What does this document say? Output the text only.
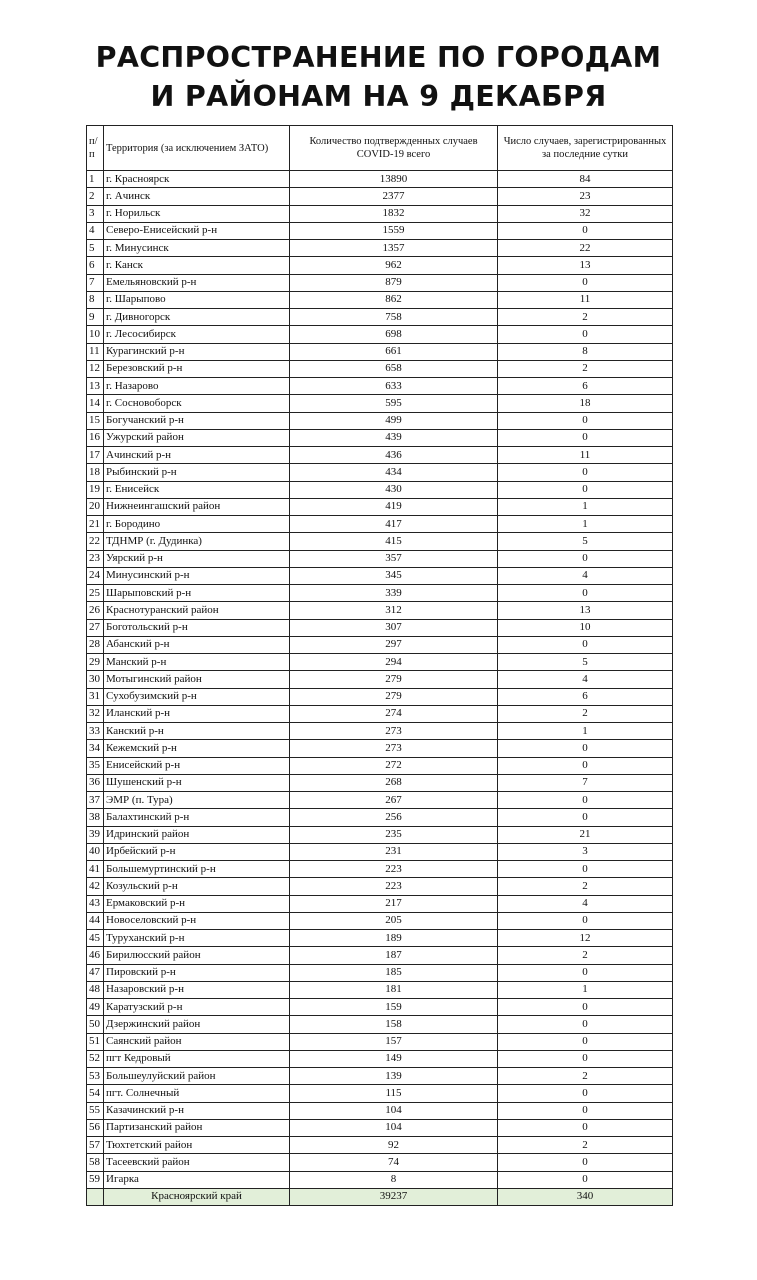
РАСПРОСТРАНЕНИЕ ПО ГОРОДАМ
И РАЙОНАМ НА 9 ДЕКАБРЯ
п/п	Территория (за исключением ЗАТО)	Количество подтвержденных случаев COVID-19 всего	Число случаев, зарегистрированных за последние сутки
1	г. Красноярск	13890	84
2	г. Ачинск	2377	23
3	г. Норильск	1832	32
4	Северо-Енисейский р-н	1559	0
5	г. Минусинск	1357	22
6	г. Канск	962	13
7	Емельяновский р-н	879	0
8	г. Шарыпово	862	11
9	г. Дивногорск	758	2
10	г. Лесосибирск	698	0
11	Курагинский р-н	661	8
12	Березовский р-н	658	2
13	г. Назарово	633	6
14	г. Сосновоборск	595	18
15	Богучанский р-н	499	0
16	Ужурский район	439	0
17	Ачинский р-н	436	11
18	Рыбинский р-н	434	0
19	г. Енисейск	430	0
20	Нижнеингашский район	419	1
21	г. Бородино	417	1
22	ТДНМР (г. Дудинка)	415	5
23	Уярский р-н	357	0
24	Минусинский р-н	345	4
25	Шарыповский р-н	339	0
26	Краснотуранский район	312	13
27	Боготольский р-н	307	10
28	Абанский р-н	297	0
29	Манский р-н	294	5
30	Мотыгинский район	279	4
31	Сухобузимский р-н	279	6
32	Иланский р-н	274	2
33	Канский р-н	273	1
34	Кежемский р-н	273	0
35	Енисейский р-н	272	0
36	Шушенский р-н	268	7
37	ЭМР (п. Тура)	267	0
38	Балахтинский р-н	256	0
39	Идринский район	235	21
40	Ирбейский р-н	231	3
41	Большемуртинский р-н	223	0
42	Козульский р-н	223	2
43	Ермаковский р-н	217	4
44	Новоселовский р-н	205	0
45	Туруханский р-н	189	12
46	Бирилюсский район	187	2
47	Пировский р-н	185	0
48	Назаровский р-н	181	1
49	Каратузский р-н	159	0
50	Дзержинский район	158	0
51	Саянский район	157	0
52	пгт Кедровый	149	0
53	Большеулуйский район	139	2
54	пгт. Солнечный	115	0
55	Казачинский р-н	104	0
56	Партизанский район	104	0
57	Тюхтетский район	92	2
58	Тасеевский район	74	0
59	Игарка	8	0
	Красноярский край	39237	340
